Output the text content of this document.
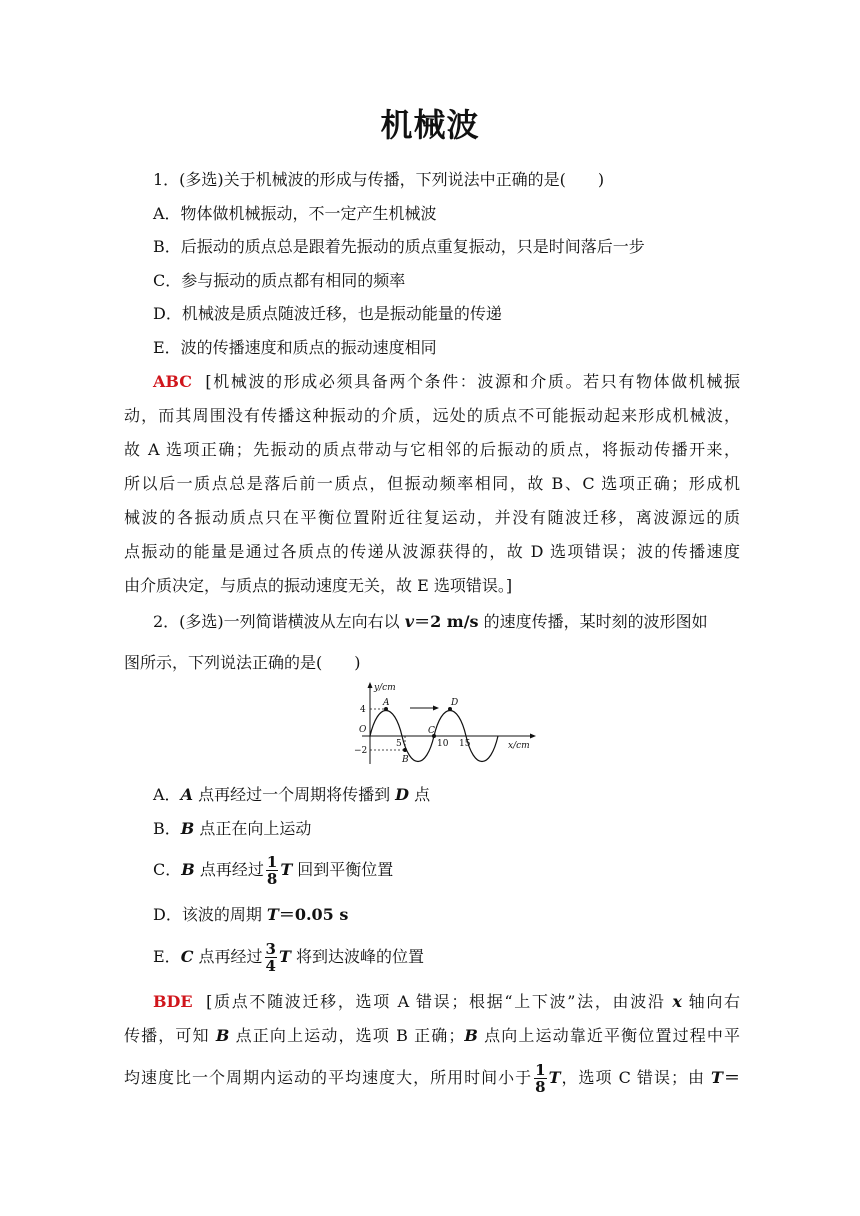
机械波
1．(多选)关于机械波的形成与传播，下列说法中正确的是(　　)
A．物体做机械振动，不一定产生机械波
B．后振动的质点总是跟着先振动的质点重复振动，只是时间落后一步
C．参与振动的质点都有相同的频率
D．机械波是质点随波迁移，也是振动能量的传递
E．波的传播速度和质点的振动速度相同
ABC [机械波的形成必须具备两个条件：波源和介质。若只有物体做机械振
动，而其周围没有传播这种振动的介质，远处的质点不可能振动起来形成机械波，
故 A 选项正确；先振动的质点带动与它相邻的后振动的质点，将振动传播开来，
所以后一质点总是落后前一质点，但振动频率相同，故 B、C 选项正确；形成机
械波的各振动质点只在平衡位置附近往复运动，并没有随波迁移，离波源远的质
点振动的能量是通过各质点的传递从波源获得的，故 D 选项错误；波的传播速度
由介质决定，与质点的振动速度无关，故 E 选项错误。]
2．(多选)一列简谐横波从左向右以 v＝2 m/s 的速度传播，某时刻的波形图如
图所示，下列说法正确的是(　　)
y/cm
x/cm
O
4
−2
5	10 15
A
B
C
D
A．A 点再经过一个周期将传播到 D 点
B．B 点正在向上运动
C．B 点再经过 $\frac{1}{8}$ T 回到平衡位置
D．该波的周期 T＝0.05 s
E．C 点再经过 $\frac{3}{4}$ T 将到达波峰的位置
BDE [质点不随波迁移，选项 A 错误；根据“上下波”法，由波沿 x 轴向右
传播，可知 B 点正向上运动，选项 B 正确；B 点向上运动靠近平衡位置过程中平
均速度比一个周期内运动的平均速度大，所用时间小于 $\frac{1}{8}$ T，选项 C 错误；由 T＝
